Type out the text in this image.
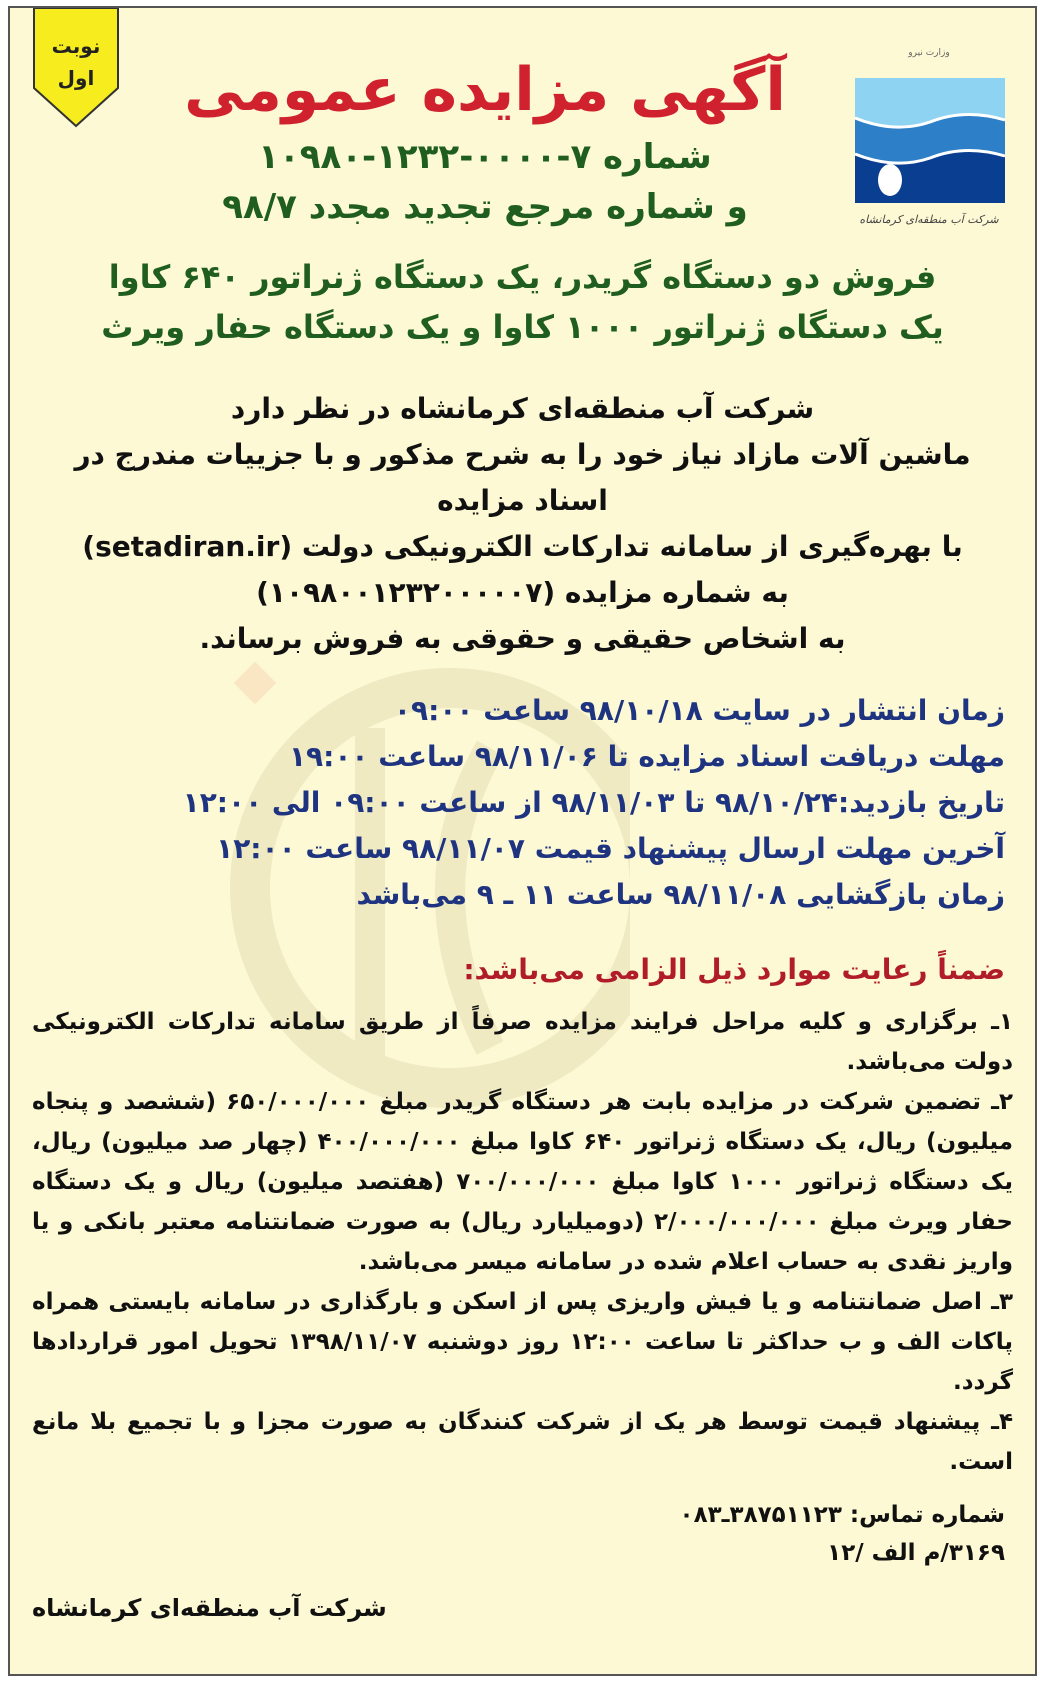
نوبت
اول
وزارت نیرو
شرکت آب منطقه‌ای کرمانشاه
آگهی مزایده عمومی
شماره ۷-۰۰۰۰-۱۲۳۲-۱۰۹۸۰
و شماره مرجع تجدید مجدد ۹۸/۷
فروش دو دستگاه گریدر، یک دستگاه ژنراتور ۶۴۰ کاوا
یک دستگاه ژنراتور ۱۰۰۰ کاوا و یک دستگاه حفار ویرث
شرکت آب منطقه‌ای کرمانشاه در نظر دارد
ماشین آلات مازاد نیاز خود را به شرح مذکور و با جزییات مندرج در اسناد مزایده
با بهره‌گیری از سامانه تدارکات الکترونیکی دولت (setadiran.ir)
به شماره مزایده (۱۰۹۸۰۰۱۲۳۲۰۰۰۰۰۷)
به اشخاص حقیقی و حقوقی به فروش برساند.
زمان انتشار در سایت ۹۸/۱۰/۱۸ ساعت ۰۹:۰۰
مهلت دریافت اسناد مزایده تا ۹۸/۱۱/۰۶ ساعت ۱۹:۰۰
تاریخ بازدید:۹۸/۱۰/۲۴ تا ۹۸/۱۱/۰۳ از ساعت ۰۹:۰۰ الی ۱۲:۰۰
آخرین مهلت ارسال پیشنهاد قیمت ۹۸/۱۱/۰۷ ساعت ۱۲:۰۰
زمان بازگشایی ۹۸/۱۱/۰۸ ساعت ۱۱ ـ ۹ می‌باشد
ضمناً رعایت موارد ذیل الزامی می‌باشد:

۱ـ برگزاری و کلیه مراحل فرایند مزایده صرفاً از طریق سامانه تدارکات الکترونیکی دولت می‌باشد.

۲ـ تضمین شرکت در مزایده بابت هر دستگاه گریدر مبلغ ۶۵۰/۰۰۰/۰۰۰ (ششصد و پنجاه میلیون) ریال، یک دستگاه ژنراتور ۶۴۰ کاوا مبلغ ۴۰۰/۰۰۰/۰۰۰ (چهار صد میلیون) ریال، یک دستگاه ژنراتور ۱۰۰۰ کاوا مبلغ ۷۰۰/۰۰۰/۰۰۰ (هفتصد میلیون) ریال و یک دستگاه حفار ویرث مبلغ ۲/۰۰۰/۰۰۰/۰۰۰ (دومیلیارد ریال) به صورت ضمانتنامه معتبر بانکی و یا واریز نقدی به حساب اعلام شده در سامانه میسر می‌باشد.

۳ـ اصل ضمانتنامه و یا فیش واریزی پس از اسکن و بارگذاری در سامانه بایستی همراه پاکات الف و ب حداکثر تا ساعت ۱۲:۰۰ روز دوشنبه ۱۳۹۸/۱۱/۰۷ تحویل امور قراردادها گردد.

۴ـ پیشنهاد قیمت توسط هر یک از شرکت کنندگان به صورت مجزا و با تجمیع بلا مانع است.

شماره تماس: ۳۸۷۵۱۱۲۳ـ۰۸۳
۳۱۶۹/م الف /۱۲
شرکت آب منطقه‌ای کرمانشاه
